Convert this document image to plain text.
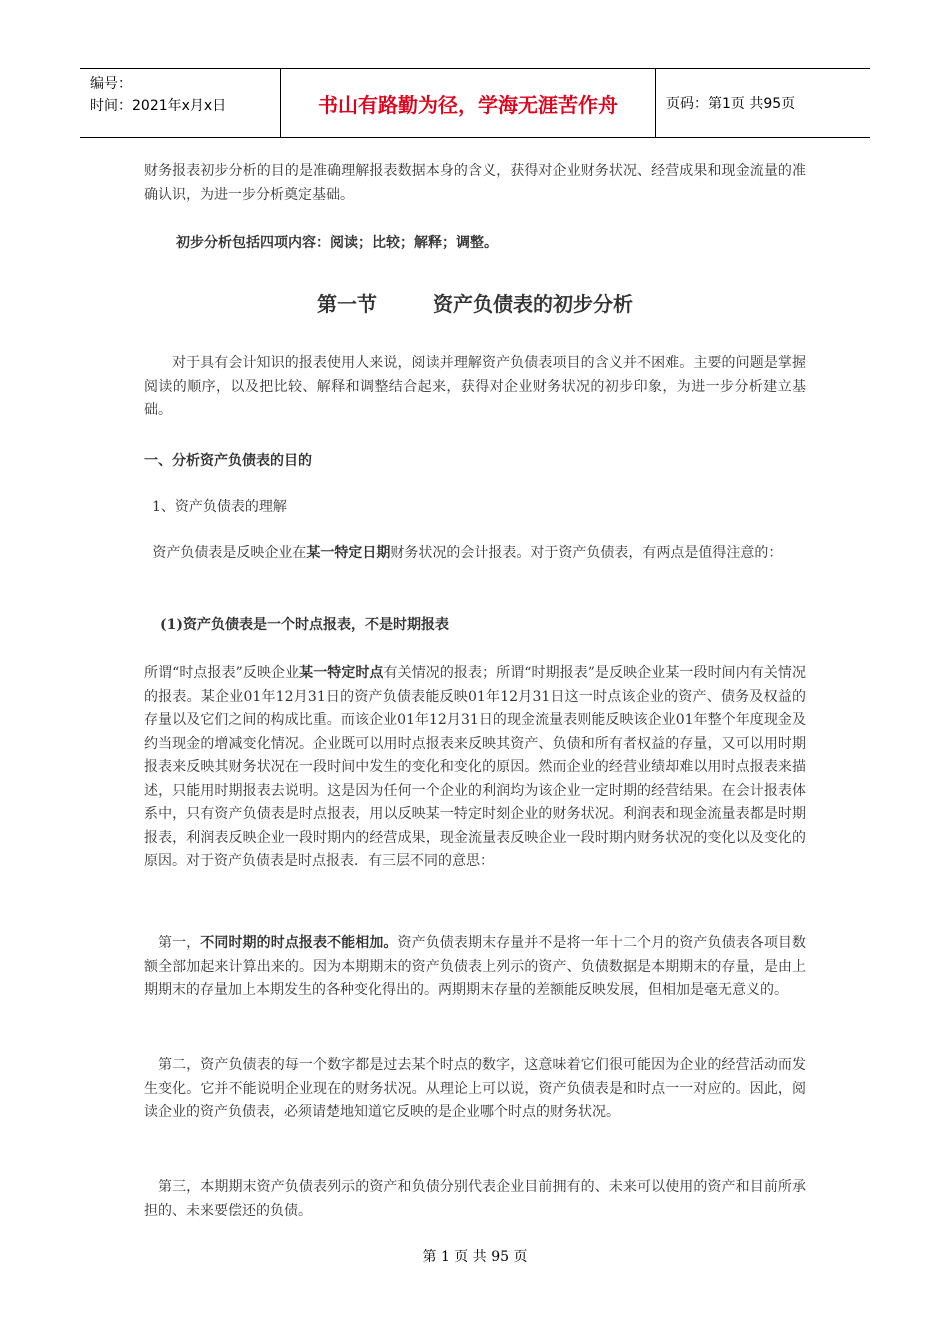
编号：
时间：2021年x月x日	书山有路勤为径，学海无涯苦作舟	页码：第1页 共95页

财务报表初步分析的目的是准确理解报表数据本身的含义，获得对企业财务状况、经营成果和现金流量的准确认识，为进一步分析奠定基础。

初步分析包括四项内容：阅读；比较；解释；调整。

第一节	资产负债表的初步分析

对于具有会计知识的报表使用人来说，阅读并理解资产负债表项目的含义并不困难。主要的问题是掌握阅读的顺序，以及把比较、解释和调整结合起来，获得对企业财务状况的初步印象，为进一步分析建立基础。

一、分析资产负债表的目的

1、资产负债表的理解

资产负债表是反映企业在某一特定日期财务状况的会计报表。对于资产负债表，有两点是值得注意的：

(1)资产负债表是一个时点报表，不是时期报表

所谓“时点报表”反映企业某一特定时点有关情况的报表；所谓“时期报表”是反映企业某一段时间内有关情况的报表。某企业01年12月31日的资产负债表能反映01年12月31日这一时点该企业的资产、债务及权益的存量以及它们之间的构成比重。而该企业01年12月31日的现金流量表则能反映该企业01年整个年度现金及约当现金的增减变化情况。企业既可以用时点报表来反映其资产、负债和所有者权益的存量，又可以用时期报表来反映其财务状况在一段时间中发生的变化和变化的原因。然而企业的经营业绩却难以用时点报表来描述，只能用时期报表去说明。这是因为任何一个企业的利润均为该企业一定时期的经营结果。在会计报表体系中，只有资产负债表是时点报表，用以反映某一特定时刻企业的财务状况。利润表和现金流量表都是时期报表，利润表反映企业一段时期内的经营成果，现金流量表反映企业一段时期内财务状况的变化以及变化的原因。对于资产负债表是时点报表．有三层不同的意思：

第一，不同时期的时点报表不能相加。资产负债表期末存量并不是将一年十二个月的资产负债表各项目数额全部加起来计算出来的。因为本期期末的资产负债表上列示的资产、负债数据是本期期末的存量，是由上期期末的存量加上本期发生的各种变化得出的。两期期末存量的差额能反映发展，但相加是毫无意义的。

第二，资产负债表的每一个数字都是过去某个时点的数字，这意味着它们很可能因为企业的经营活动而发生变化。它并不能说明企业现在的财务状况。从理论上可以说，资产负债表是和时点一一对应的。因此，阅读企业的资产负债表，必须请楚地知道它反映的是企业哪个时点的财务状况。

第三，本期期末资产负债表列示的资产和负债分别代表企业目前拥有的、未来可以使用的资产和目前所承担的、未来要偿还的负债。

第 1 页 共 95 页
